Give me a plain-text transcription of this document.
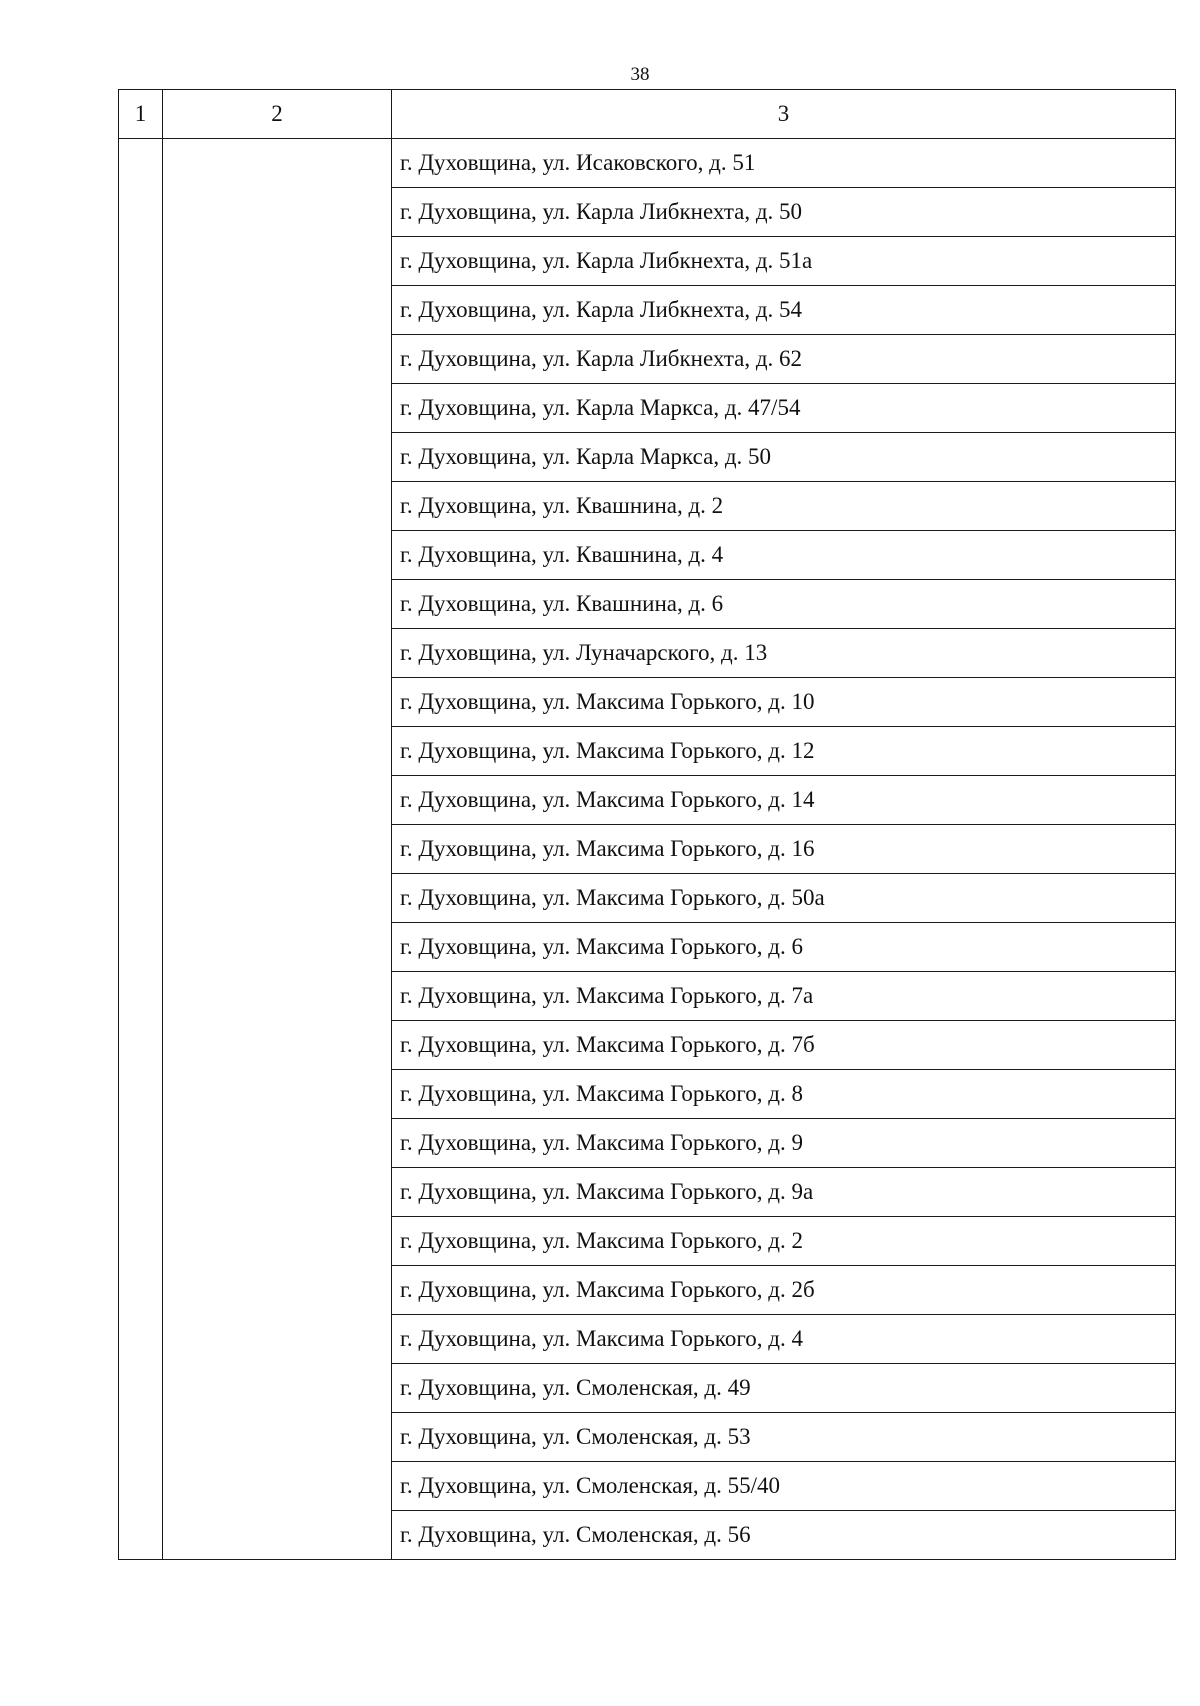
38
1	2	3
		г. Духовщина, ул. Исаковского, д. 51
		г. Духовщина, ул. Карла Либкнехта, д. 50
		г. Духовщина, ул. Карла Либкнехта, д. 51а
		г. Духовщина, ул. Карла Либкнехта, д. 54
		г. Духовщина, ул. Карла Либкнехта, д. 62
		г. Духовщина, ул. Карла Маркса, д. 47/54
		г. Духовщина, ул. Карла Маркса, д. 50
		г. Духовщина, ул. Квашнина, д. 2
		г. Духовщина, ул. Квашнина, д. 4
		г. Духовщина, ул. Квашнина, д. 6
		г. Духовщина, ул. Луначарского, д. 13
		г. Духовщина, ул. Максима Горького, д. 10
		г. Духовщина, ул. Максима Горького, д. 12
		г. Духовщина, ул. Максима Горького, д. 14
		г. Духовщина, ул. Максима Горького, д. 16
		г. Духовщина, ул. Максима Горького, д. 50а
		г. Духовщина, ул. Максима Горького, д. 6
		г. Духовщина, ул. Максима Горького, д. 7а
		г. Духовщина, ул. Максима Горького, д. 7б
		г. Духовщина, ул. Максима Горького, д. 8
		г. Духовщина, ул. Максима Горького, д. 9
		г. Духовщина, ул. Максима Горького, д. 9а
		г. Духовщина, ул. Максима Горького, д. 2
		г. Духовщина, ул. Максима Горького, д. 2б
		г. Духовщина, ул. Максима Горького, д. 4
		г. Духовщина, ул. Смоленская, д. 49
		г. Духовщина, ул. Смоленская, д. 53
		г. Духовщина, ул. Смоленская, д. 55/40
		г. Духовщина, ул. Смоленская, д. 56
